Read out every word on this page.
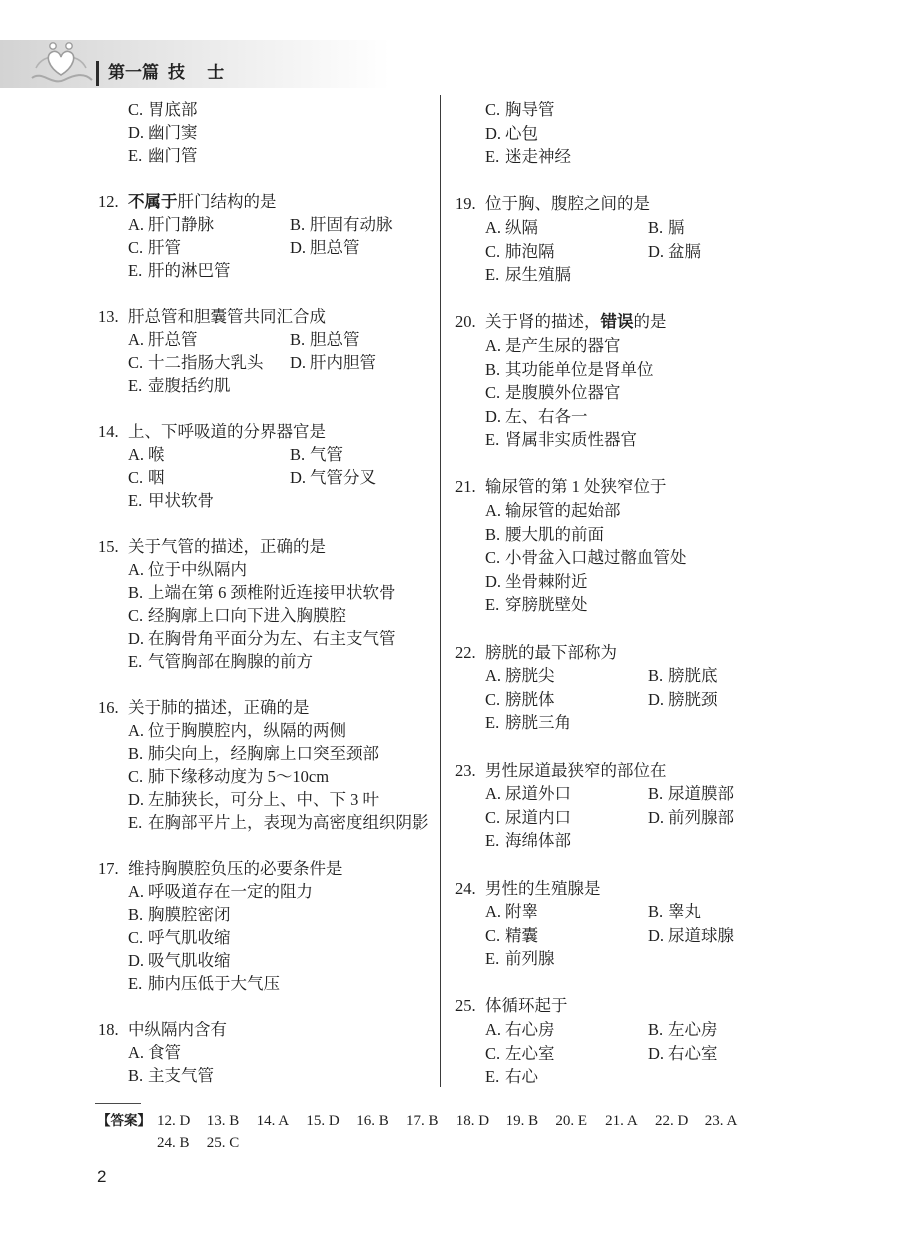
第一篇 技 士
C. 胃底部
D. 幽门窦
E. 幽门管
12. 不属于肝门结构的是
A. 肝门静脉	B. 肝固有动脉
C. 肝管	D. 胆总管
E. 肝的淋巴管
13. 肝总管和胆囊管共同汇合成
A. 肝总管	B. 胆总管
C. 十二指肠大乳头	D. 肝内胆管
E. 壶腹括约肌
14. 上、下呼吸道的分界器官是
A. 喉	B. 气管
C. 咽	D. 气管分叉
E. 甲状软骨
15. 关于气管的描述，正确的是
A. 位于中纵隔内
B. 上端在第 6 颈椎附近连接甲状软骨
C. 经胸廓上口向下进入胸膜腔
D. 在胸骨角平面分为左、右主支气管
E. 气管胸部在胸腺的前方
16. 关于肺的描述，正确的是
A. 位于胸膜腔内，纵隔的两侧
B. 肺尖向上，经胸廓上口突至颈部
C. 肺下缘移动度为 5～10cm
D. 左肺狭长，可分上、中、下 3 叶
E. 在胸部平片上，表现为高密度组织阴影
17. 维持胸膜腔负压的必要条件是
A. 呼吸道存在一定的阻力
B. 胸膜腔密闭
C. 呼气肌收缩
D. 吸气肌收缩
E. 肺内压低于大气压
18. 中纵隔内含有
A. 食管
B. 主支气管
C. 胸导管
D. 心包
E. 迷走神经
19. 位于胸、腹腔之间的是
A. 纵隔	B. 膈
C. 肺泡隔	D. 盆膈
E. 尿生殖膈
20. 关于肾的描述，错误的是
A. 是产生尿的器官
B. 其功能单位是肾单位
C. 是腹膜外位器官
D. 左、右各一
E. 肾属非实质性器官
21. 输尿管的第 1 处狭窄位于
A. 输尿管的起始部
B. 腰大肌的前面
C. 小骨盆入口越过髂血管处
D. 坐骨棘附近
E. 穿膀胱壁处
22. 膀胱的最下部称为
A. 膀胱尖	B. 膀胱底
C. 膀胱体	D. 膀胱颈
E. 膀胱三角
23. 男性尿道最狭窄的部位在
A. 尿道外口	B. 尿道膜部
C. 尿道内口	D. 前列腺部
E. 海绵体部
24. 男性的生殖腺是
A. 附睾	B. 睾丸
C. 精囊	D. 尿道球腺
E. 前列腺
25. 体循环起于
A. 右心房	B. 左心房
C. 左心室	D. 右心室
E. 右心
【答案】 12. D	13. B	14. A	15. D	16. B	17. B	18. D	19. B	20. E	21. A	22. D	23. A
24. B	25. C
2
